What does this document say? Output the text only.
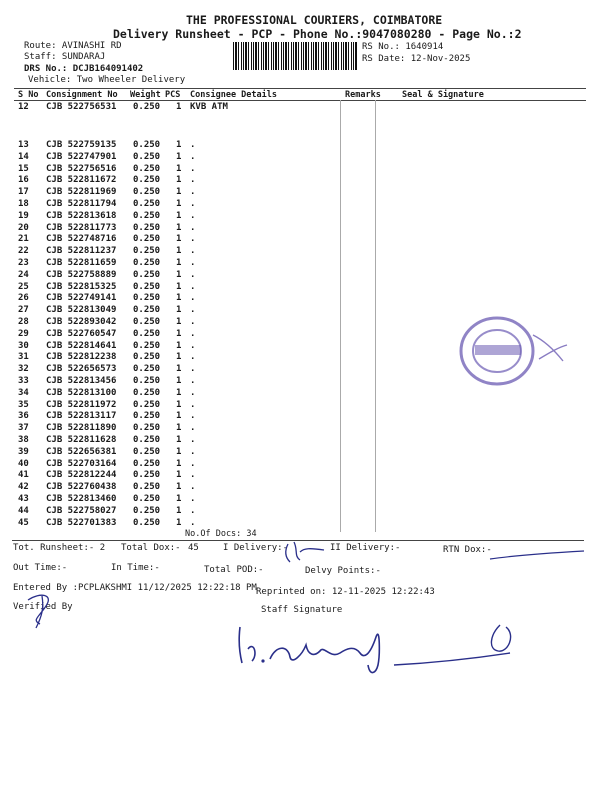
THE PROFESSIONAL COURIERS, COIMBATORE
Delivery Runsheet - PCP - Phone No.:9047080280 - Page No.:2
Route: AVINASHI RD
Staff: SUNDARAJ
DRS No.: DCJB164091402
Vehicle: Two Wheeler Delivery
RS No.: 1640914
RS Date: 12-Nov-2025
S No Consignment No Weight PCS Consignee Details	Remarks Seal & Signature
12 CJB 522756531 0.250 1 KVB ATM
13 CJB 522759135 0.250 1 .
14 CJB 522747901 0.250 1 .
15 CJB 522756516 0.250 1 .
16 CJB 522811672 0.250 1 .
17 CJB 522811969 0.250 1 .
18 CJB 522811794 0.250 1 .
19 CJB 522813618 0.250 1 .
20 CJB 522811773 0.250 1 .
21 CJB 522748716 0.250 1 .
22 CJB 522811237 0.250 1 .
23 CJB 522811659 0.250 1 .
24 CJB 522758889 0.250 1 .
25 CJB 522815325 0.250 1 .
26 CJB 522749141 0.250 1 .
27 CJB 522813049 0.250 1 .
28 CJB 522893042 0.250 1 .
29 CJB 522760547 0.250 1 .
30 CJB 522814641 0.250 1 .
31 CJB 522812238 0.250 1 .
32 CJB 522656573 0.250 1 .
33 CJB 522813456 0.250 1 .
34 CJB 522813100 0.250 1 .
35 CJB 522811972 0.250 1 .
36 CJB 522813117 0.250 1 .
37 CJB 522811890 0.250 1 .
38 CJB 522811628 0.250 1 .
39 CJB 522656381 0.250 1 .
40 CJB 522703164 0.250 1 .
41 CJB 522812244 0.250 1 .
42 CJB 522760438 0.250 1 .
43 CJB 522813460 0.250 1 .
44 CJB 522758027 0.250 1 .
45 CJB 522701383 0.250 1 .
No.Of Docs: 34
Tot. Runsheet:- 2 Total Dox:- 45	I Delivery:-	II Delivery:-	RTN Dox:-
Out Time:-	In Time:-	Total POD:-	Delvy Points:-
Entered By :PCPLAKSHMI 11/12/2025 12:22:18 PM Reprinted on: 12-11-2025 12:22:43
Verified By	Staff Signature
